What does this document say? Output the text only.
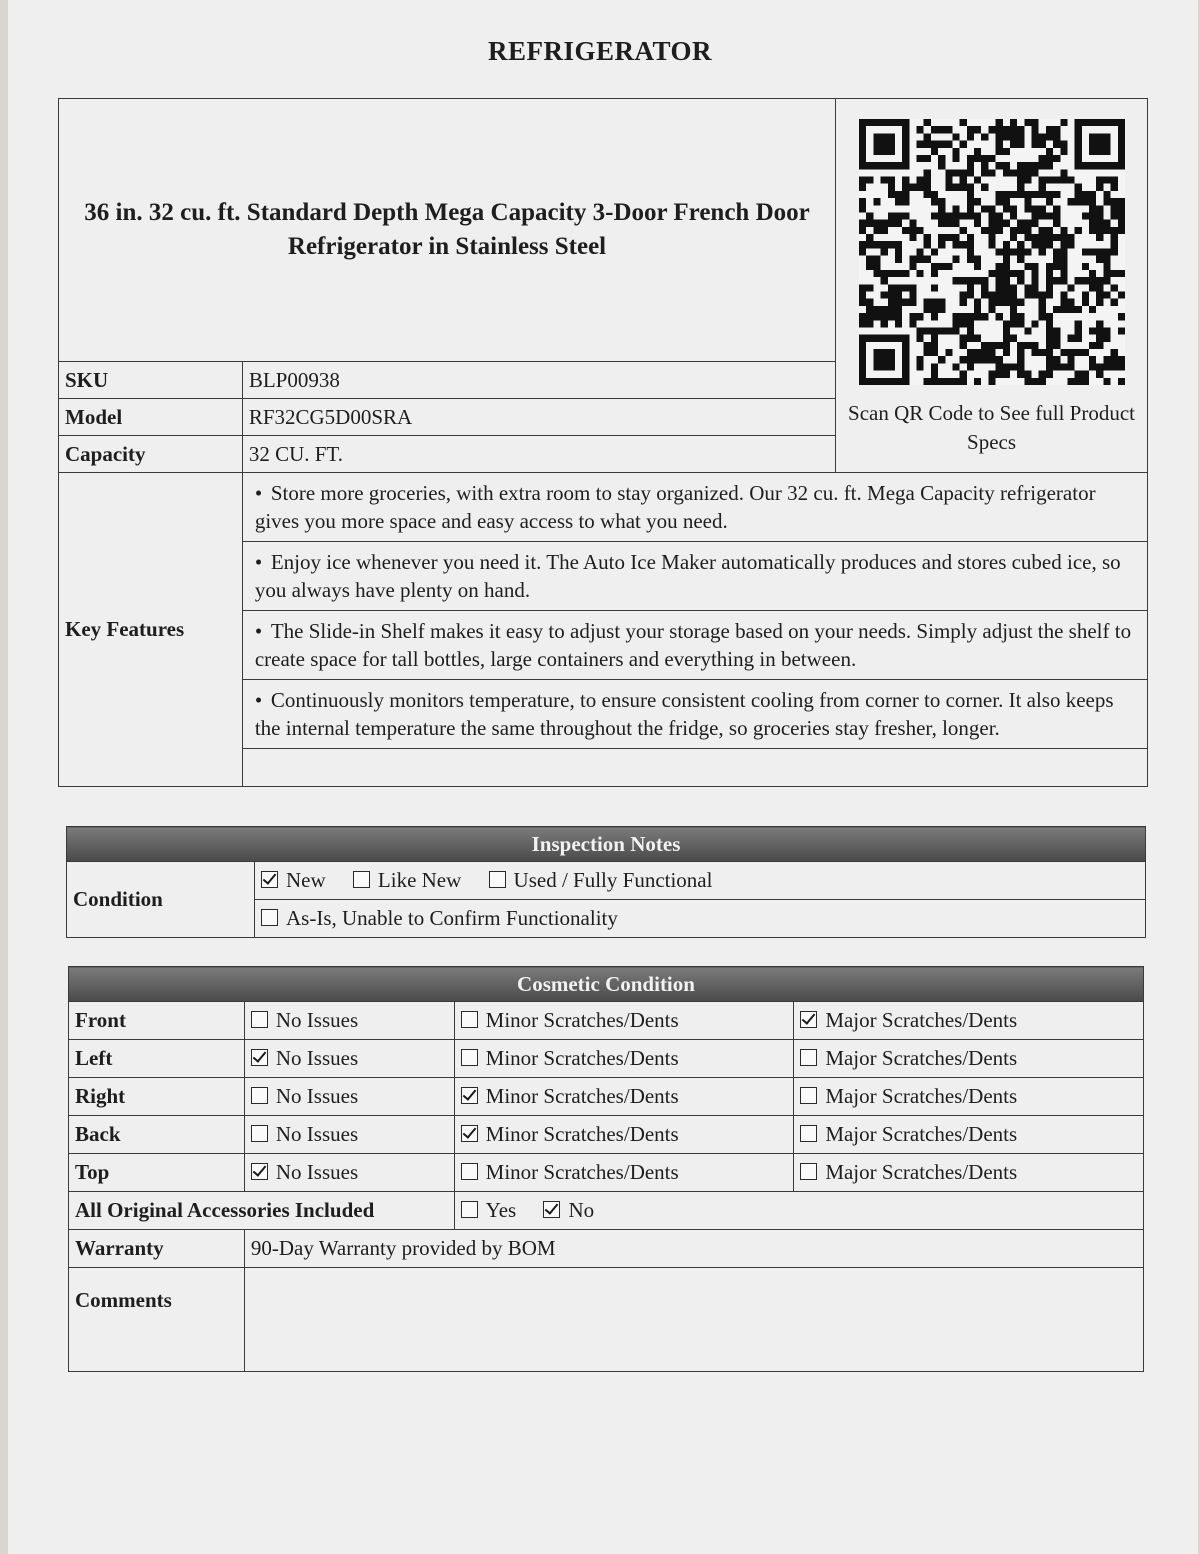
REFRIGERATOR
36 in. 32 cu. ft. Standard Depth Mega Capacity 3-Door French Door Refrigerator in Stainless Steel		Scan QR Code to See full Product Specs

SKU	BLP00938	
Model	RF32CG5D00SRA	
Capacity	32 CU. FT.	
Key Features	• Store more groceries, with extra room to stay organized. Our 32 cu. ft. Mega Capacity refrigerator gives you more space and easy access to what you need.	
	• Enjoy ice whenever you need it. The Auto Ice Maker automatically produces and stores cubed ice, so you always have plenty on hand.	
	• The Slide-in Shelf makes it easy to adjust your storage based on your needs. Simply adjust the shelf to create space for tall bottles, large containers and everything in between.	
	• Continuously monitors temperature, to ensure consistent cooling from corner to corner. It also keeps the internal temperature the same throughout the fridge, so groceries stay fresher, longer.	

Inspection Notes
Condition	New Like New Used / Fully Functional
As-Is, Unable to Confirm Functionality
Cosmetic Condition			
Front	No Issues	Minor Scratches/Dents	Major Scratches/Dents
Left	No Issues	Minor Scratches/Dents	Major Scratches/Dents
Right	No Issues	Minor Scratches/Dents	Major Scratches/Dents
Back	No Issues	Minor Scratches/Dents	Major Scratches/Dents
Top	No Issues	Minor Scratches/Dents	Major Scratches/Dents
All Original Accessories Included		Yes No	
Warranty	90-Day Warranty provided by BOM		
Comments			
